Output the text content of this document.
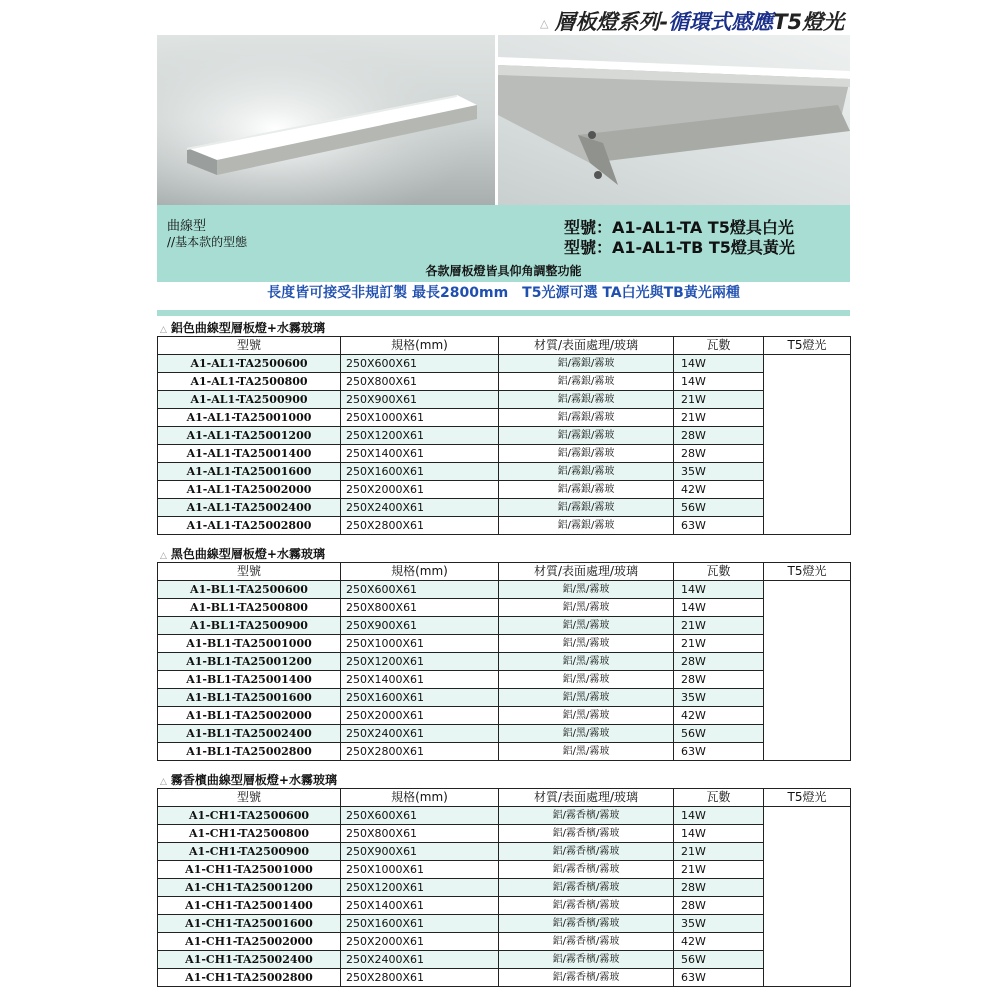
△ 層板燈系列-循環式感應T5燈光
曲線型
//基本款的型態
型號：A1-AL1-TA T5燈具白光
型號：A1-AL1-TB T5燈具黃光
各款層板燈皆具仰角調整功能
長度皆可接受非規訂製 最長2800mm　T5光源可選 TA白光與TB黃光兩種
△ 鋁色曲線型層板燈+水霧玻璃
型號	規格(mm)	材質/表面處理/玻璃	瓦數	T5燈光
A1-AL1-TA2500600	250X600X61	鋁/霧銀/霧玻	14W	
A1-AL1-TA2500800	250X800X61	鋁/霧銀/霧玻	14W	
A1-AL1-TA2500900	250X900X61	鋁/霧銀/霧玻	21W	
A1-AL1-TA25001000	250X1000X61	鋁/霧銀/霧玻	21W	
A1-AL1-TA25001200	250X1200X61	鋁/霧銀/霧玻	28W	
A1-AL1-TA25001400	250X1400X61	鋁/霧銀/霧玻	28W	
A1-AL1-TA25001600	250X1600X61	鋁/霧銀/霧玻	35W	
A1-AL1-TA25002000	250X2000X61	鋁/霧銀/霧玻	42W	
A1-AL1-TA25002400	250X2400X61	鋁/霧銀/霧玻	56W	
A1-AL1-TA25002800	250X2800X61	鋁/霧銀/霧玻	63W	
△ 黑色曲線型層板燈+水霧玻璃
型號	規格(mm)	材質/表面處理/玻璃	瓦數	T5燈光
A1-BL1-TA2500600	250X600X61	鋁/黑/霧玻	14W	
A1-BL1-TA2500800	250X800X61	鋁/黑/霧玻	14W	
A1-BL1-TA2500900	250X900X61	鋁/黑/霧玻	21W	
A1-BL1-TA25001000	250X1000X61	鋁/黑/霧玻	21W	
A1-BL1-TA25001200	250X1200X61	鋁/黑/霧玻	28W	
A1-BL1-TA25001400	250X1400X61	鋁/黑/霧玻	28W	
A1-BL1-TA25001600	250X1600X61	鋁/黑/霧玻	35W	
A1-BL1-TA25002000	250X2000X61	鋁/黑/霧玻	42W	
A1-BL1-TA25002400	250X2400X61	鋁/黑/霧玻	56W	
A1-BL1-TA25002800	250X2800X61	鋁/黑/霧玻	63W	
△ 霧香檳曲線型層板燈+水霧玻璃
型號	規格(mm)	材質/表面處理/玻璃	瓦數	T5燈光
A1-CH1-TA2500600	250X600X61	鋁/霧香檳/霧玻	14W	
A1-CH1-TA2500800	250X800X61	鋁/霧香檳/霧玻	14W	
A1-CH1-TA2500900	250X900X61	鋁/霧香檳/霧玻	21W	
A1-CH1-TA25001000	250X1000X61	鋁/霧香檳/霧玻	21W	
A1-CH1-TA25001200	250X1200X61	鋁/霧香檳/霧玻	28W	
A1-CH1-TA25001400	250X1400X61	鋁/霧香檳/霧玻	28W	
A1-CH1-TA25001600	250X1600X61	鋁/霧香檳/霧玻	35W	
A1-CH1-TA25002000	250X2000X61	鋁/霧香檳/霧玻	42W	
A1-CH1-TA25002400	250X2400X61	鋁/霧香檳/霧玻	56W	
A1-CH1-TA25002800	250X2800X61	鋁/霧香檳/霧玻	63W	
